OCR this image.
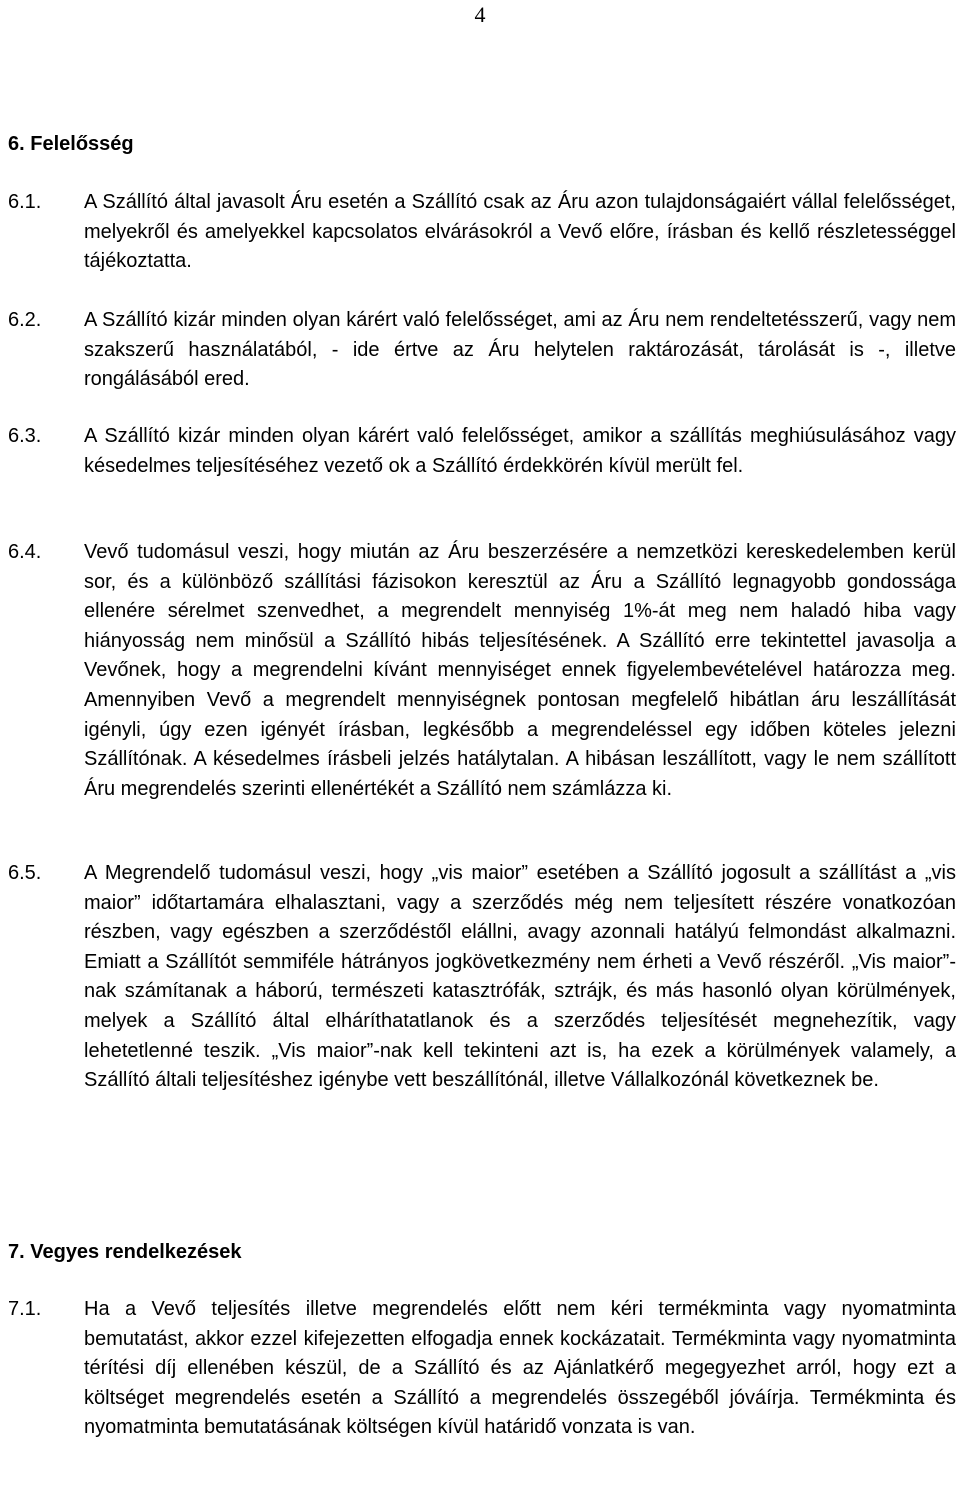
4
6. Felelősség
6.1. A Szállító által javasolt Áru esetén a Szállító csak az Áru azon tulajdonságaiért vállal felelősséget, melyekről és amelyekkel kapcsolatos elvárásokról a Vevő előre, írásban és kellő részletességgel tájékoztatta.
6.2. A Szállító kizár minden olyan kárért való felelősséget, ami az Áru nem rendeltetésszerű, vagy nem szakszerű használatából, - ide értve az Áru helytelen raktározását, tárolását is -, illetve rongálásából ered.
6.3. A Szállító kizár minden olyan kárért való felelősséget, amikor a szállítás meghiúsulásához vagy késedelmes teljesítéséhez vezető ok a Szállító érdekkörén kívül merült fel.
6.4. Vevő tudomásul veszi, hogy miután az Áru beszerzésére a nemzetközi kereskedelemben kerül sor, és a különböző szállítási fázisokon keresztül az Áru a Szállító legnagyobb gondossága ellenére sérelmet szenvedhet, a megrendelt mennyiség 1%-át meg nem haladó hiba vagy hiányosság nem minősül a Szállító hibás teljesítésének. A Szállító erre tekintettel javasolja a Vevőnek, hogy a megrendelni kívánt mennyiséget ennek figyelembevételével határozza meg. Amennyiben Vevő a megrendelt mennyiségnek pontosan megfelelő hibátlan áru leszállítását igényli, úgy ezen igényét írásban, legkésőbb a megrendeléssel egy időben köteles jelezni Szállítónak. A késedelmes írásbeli jelzés hatálytalan. A hibásan leszállított, vagy le nem szállított Áru megrendelés szerinti ellenértékét a Szállító nem számlázza ki.
6.5. A Megrendelő tudomásul veszi, hogy „vis maior” esetében a Szállító jogosult a szállítást a „vis maior” időtartamára elhalasztani, vagy a szerződés még nem teljesített részére vonatkozóan részben, vagy egészben a szerződéstől elállni, avagy azonnali hatályú felmondást alkalmazni. Emiatt a Szállítót semmiféle hátrányos jogkövetkezmény nem érheti a Vevő részéről. „Vis maior”-nak számítanak a háború, természeti katasztrófák, sztrájk, és más hasonló olyan körülmények, melyek a Szállító által elháríthatatlanok és a szerződés teljesítését megnehezítik, vagy lehetetlenné teszik. „Vis maior”-nak kell tekinteni azt is, ha ezek a körülmények valamely, a Szállító általi teljesítéshez igénybe vett beszállítónál, illetve Vállalkozónál következnek be.
7. Vegyes rendelkezések
7.1. Ha a Vevő teljesítés illetve megrendelés előtt nem kéri termékminta vagy nyomatminta bemutatást, akkor ezzel kifejezetten elfogadja ennek kockázatait. Termékminta vagy nyomatminta térítési díj ellenében készül, de a Szállító és az Ajánlatkérő megegyezhet arról, hogy ezt a költséget megrendelés esetén a Szállító a megrendelés összegéből jóváírja. Termékminta és nyomatminta bemutatásának költségen kívül határidő vonzata is van.
